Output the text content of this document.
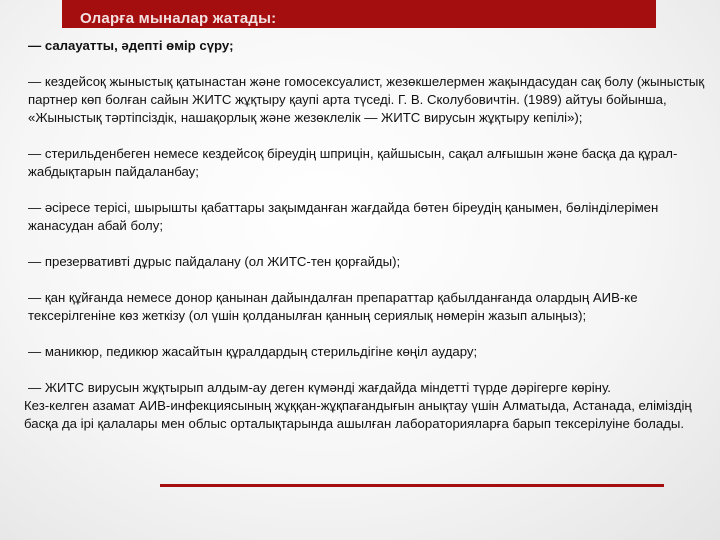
Оларға мыналар жатады:

— салауатты, әдепті өмір сүру;

— кездейсоқ жыныстық қатынастан және гомосексуалист, жезөкшелермен жақындасудан сақ болу (жыныстық партнер көп болған сайын ЖИТС жұқтыру қаупі арта түседі. Г. В. Сколубовичтін. (1989) айтуы бойынша, «Жыныстық тәртіпсіздік, нашақорлық және жезөклелік — ЖИТС вирусын жұқтыру кепілі»);

— стерильденбеген немесе кездейсоқ біреудің шприцін, қайшысын, сақал алғышын және басқа да құрал-жабдықтарын пайдаланбау;

— әсіресе терісі, шырышты қабаттары зақымданған жағдайда бөтен біреудің қанымен, бөлінділерімен жанасудан абай болу;

— презервативті дұрыс пайдалану (ол ЖИТС-тен қорғайды);

— қан құйғанда немесе донор қанынан дайындалған препараттар қабылданғанда олардың АИВ-ке тексерілгеніне көз жеткізу (ол үшін қолданылған қанның сериялық нөмерін жазып алыңыз);

— маникюр, педикюр жасайтын құралдардың стерильдігіне көңіл аудару;

— ЖИТС вирусын жұқтырып алдым-ау деген күмәнді жағдайда міндетті түрде дәрігерге көріну.

Кез-келген азамат АИВ-инфекциясының жұққан-жұқпағандығын анықтау үшін Алматыда, Астанада, еліміздің басқа да ірі қалалары мен облыс орталықтарында ашылған лабораторияларға барып тексерілуіне болады.
